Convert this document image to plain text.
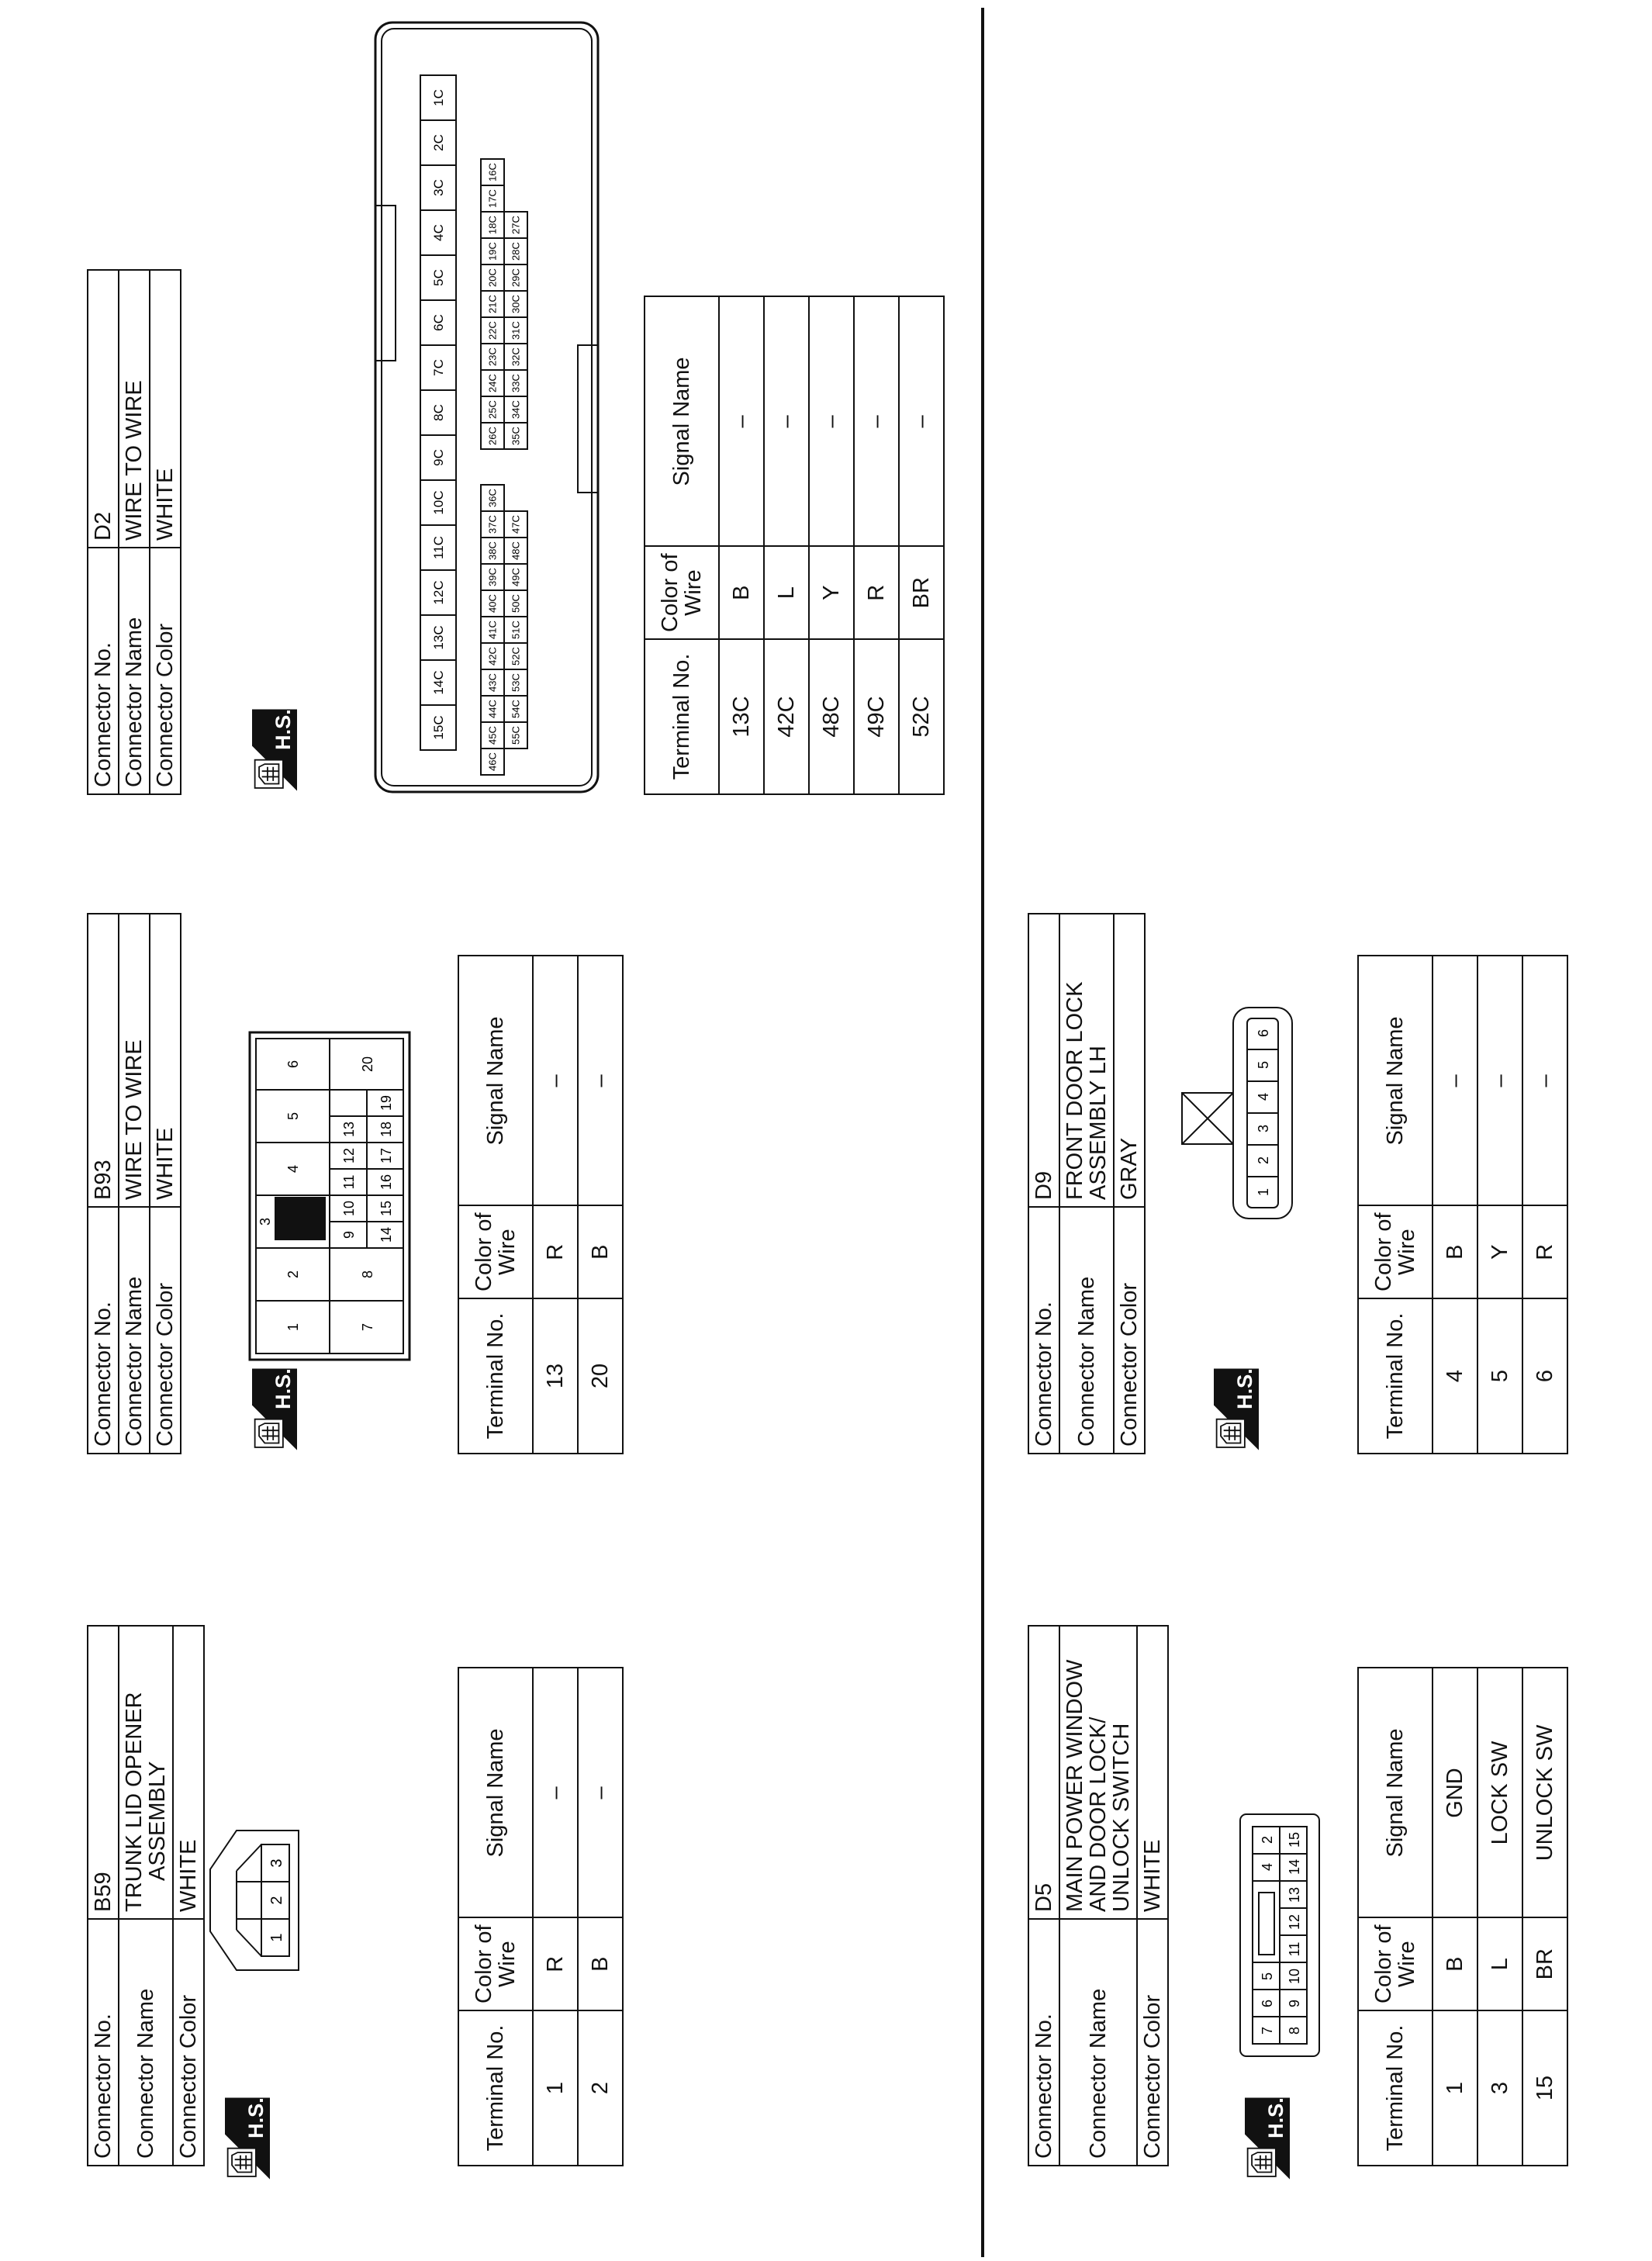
Connector No.	B59
Connector Name	TRUNK LID OPENER
ASSEMBLY

Connector Color	WHITE
H.S.
1
2
3
Terminal No.	Color of
Wire	Signal Name
1	R	–
2	B	–
Connector No.	B93
Connector Name	WIRE TO WIRE
Connector Color	WHITE
H.S.
1
2
3
4
5
6
7
8
9
10
11
12
13
14
15
16
17
18
19
20
Terminal No.	Color of
Wire	Signal Name
13	R	–
20	B	–
Connector No.	D2
Connector Name	WIRE TO WIRE
Connector Color	WHITE
H.S.	15C
14C
13C
12C
11C
10C
9C
8C
7C
6C
5C
4C
3C
2C
1C
46C
45C
44C
43C
42C
41C
40C
39C
38C
37C
36C
26C
25C
24C
23C
22C
21C
20C
19C
18C
17C
16C
55C
54C
53C
52C
51C
50C
49C
48C
47C
35C
34C
33C
32C
31C
30C
29C
28C
27C
Terminal No.	Color of
Wire	Signal Name
13C	B	–
42C	L	–
48C	Y	–
49C	R	–
52C	BR	–
Connector No.	D5
Connector Name	MAIN POWER WINDOW
AND DOOR LOCK/
UNLOCK SWITCH

Connector Color	WHITE
H.S.
7
6
5
4
2
8
9
10
11
12
13
14
15
Terminal No.	Color of
Wire	Signal Name
1	B	GND
3	L	LOCK SW
15	BR	UNLOCK SW
Connector No.	D9
Connector Name	FRONT DOOR LOCK
ASSEMBLY LH

Connector Color	GRAY
H.S.
1
2
3
4
5
6
Terminal No.	Color of
Wire	Signal Name
4	B	–
5	Y	–
6	R	–
